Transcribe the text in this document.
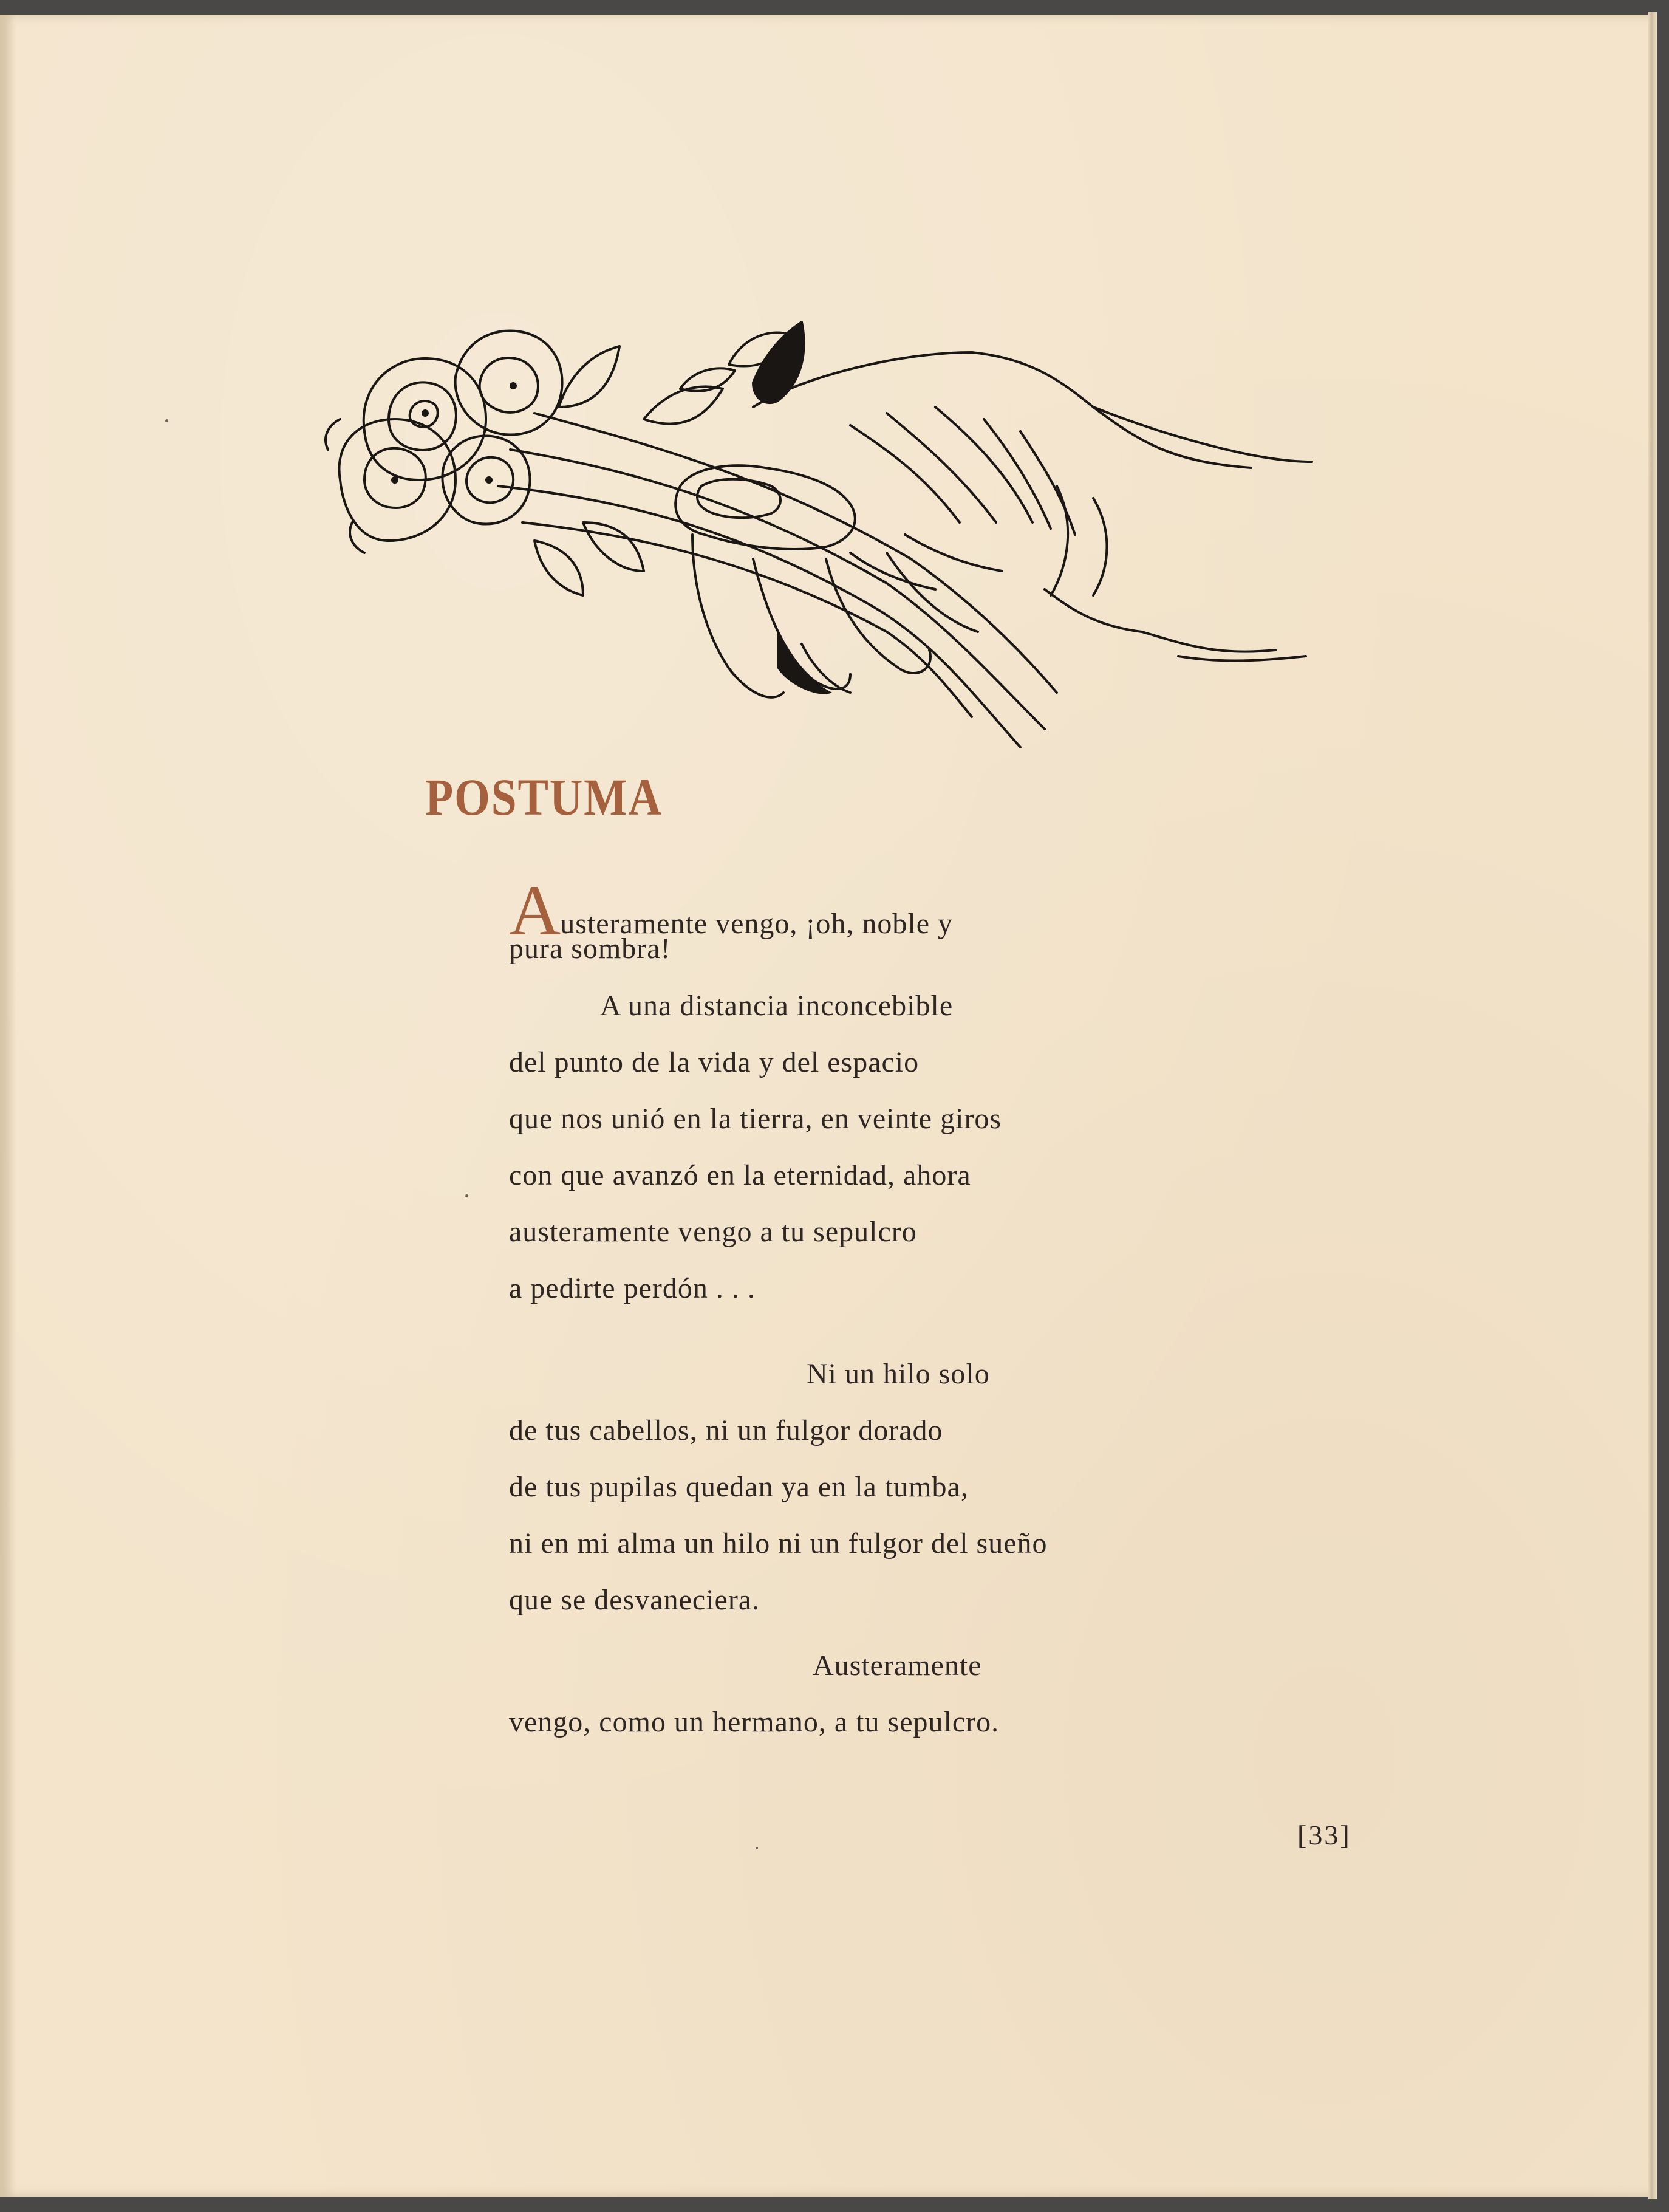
POSTUMA
Austeramente vengo, ¡oh, noble y
pura sombra!
A una distancia inconcebible
del punto de la vida y del espacio
que nos unió en la tierra, en veinte giros
con que avanzó en la eternidad, ahora
austeramente vengo a tu sepulcro
a pedirte perdón . . .
Ni un hilo solo
de tus cabellos, ni un fulgor dorado
de tus pupilas quedan ya en la tumba,
ni en mi alma un hilo ni un fulgor del sueño
que se desvaneciera.
Austeramente
vengo, como un hermano, a tu sepulcro.
[33]
